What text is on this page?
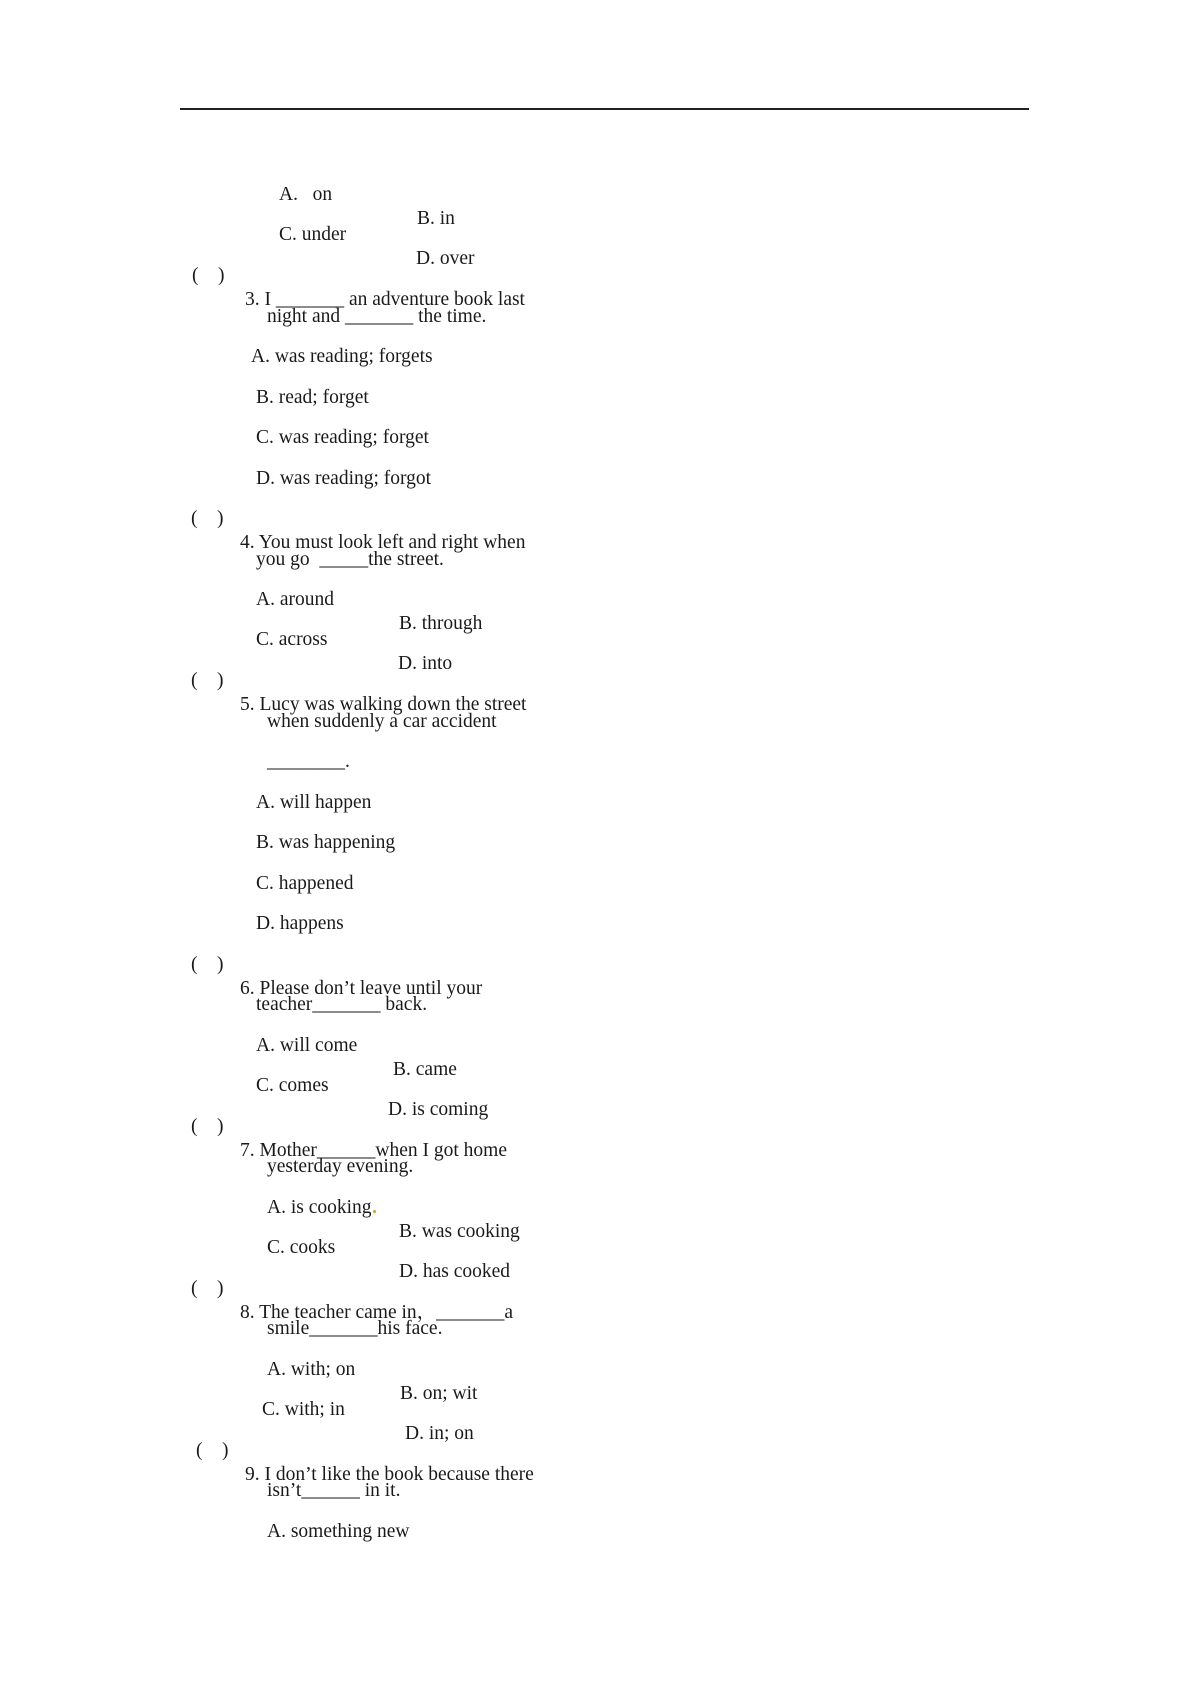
A.   on

B. in

C. under

D. over

(    )

3. I _______ an adventure book last

night and _______ the time.

A. was reading; forgets

B. read; forget

C. was reading; forget

D. was reading; forgot

(    )

4. You must look left and right when

you go  _____the street.

A. around

B. through

C. across

D. into

(    )

5. Lucy was walking down the street

when suddenly a car accident

________.

A. will happen

B. was happening

C. happened

D. happens

(    )

6. Please don’t leave until your

teacher_______ back.

A. will come

B. came

C. comes

D. is coming

(    )

7. Mother______when I got home

yesterday evening.

A. is cooking

B. was cooking

C. cooks

D. has cooked

(    )

8. The teacher came in，_______a

smile_______his face.

A. with; on

B. on; wit

C. with; in

D. in; on

(    )

9. I don’t like the book because there

isn’t______ in it.

A. something new
